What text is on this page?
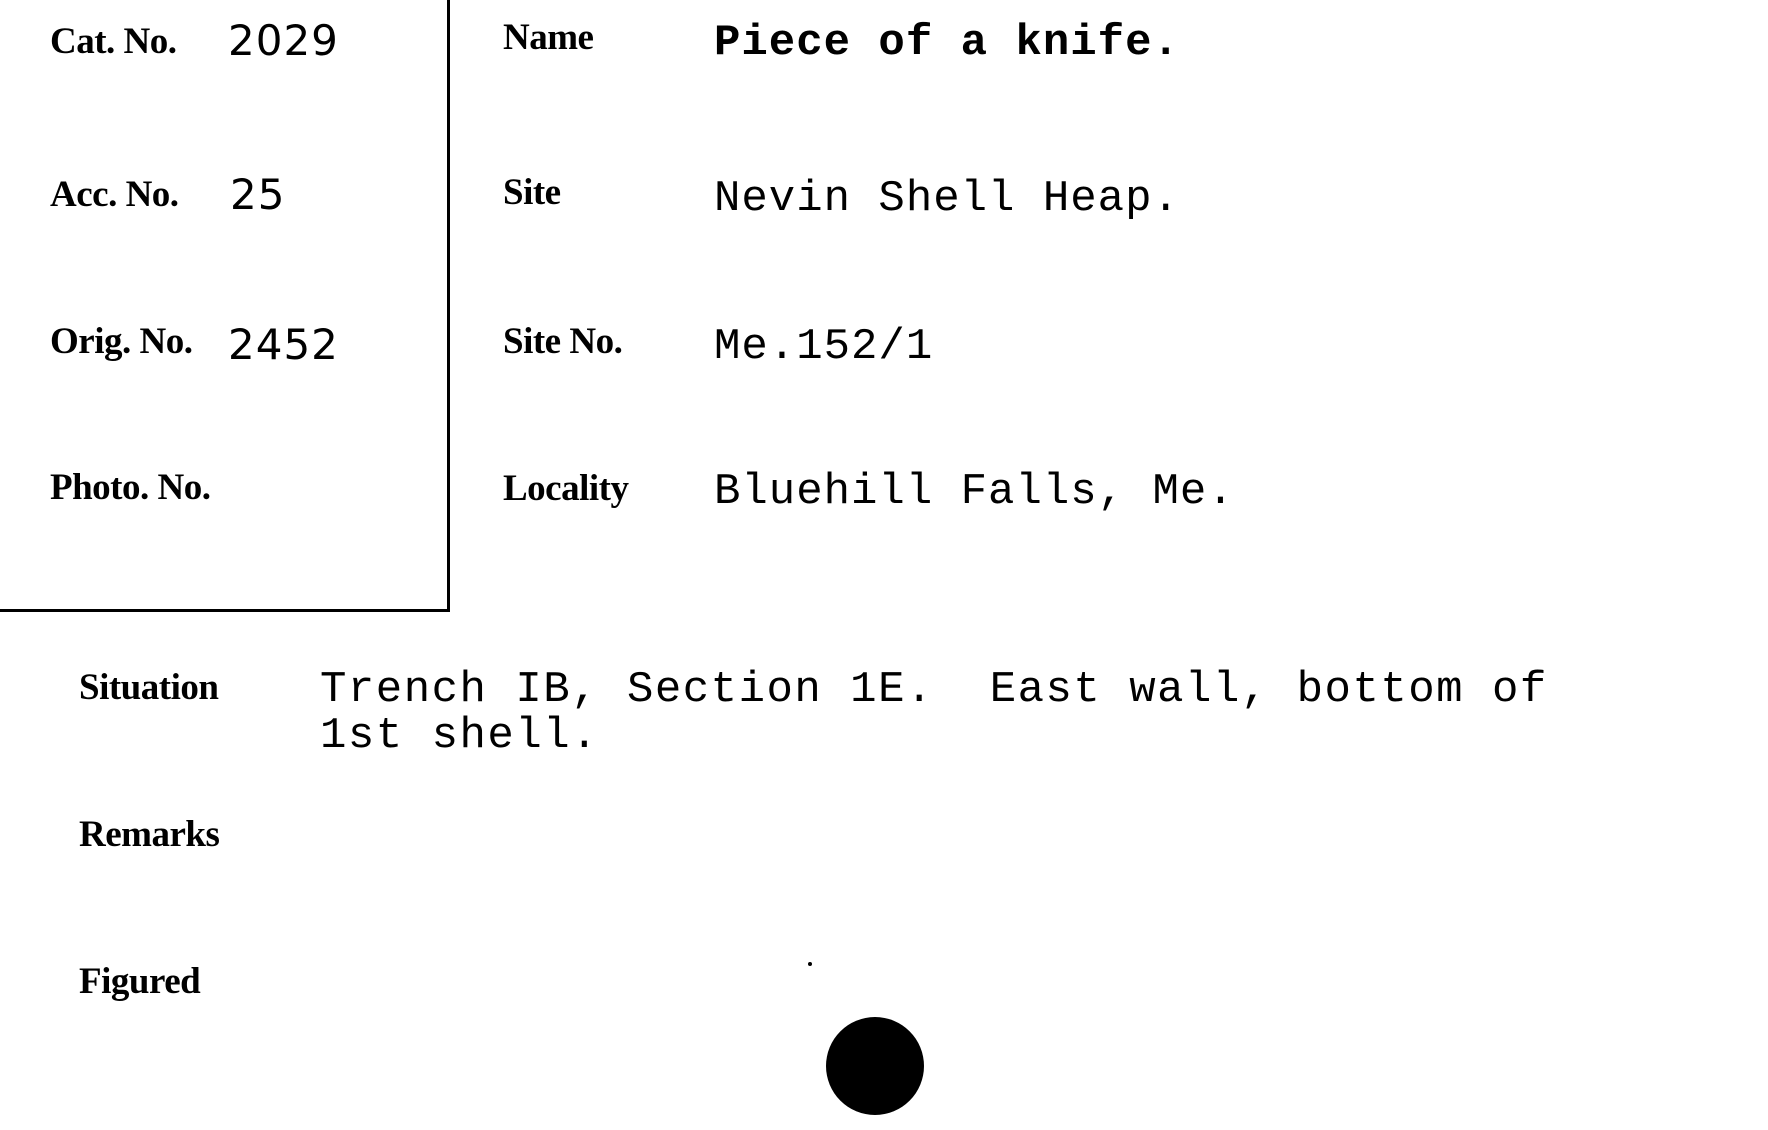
Cat. No. 2029
Acc. No. 25
Orig. No. 2452
Photo. No.
Name	Piece of a knife.
Site	Nevin Shell Heap.
Site No. Me.152/1
Locality Bluehill Falls, Me.
Situation Trench IB, Section 1E.  East wall, bottom of
1st shell.
Remarks
Figured
